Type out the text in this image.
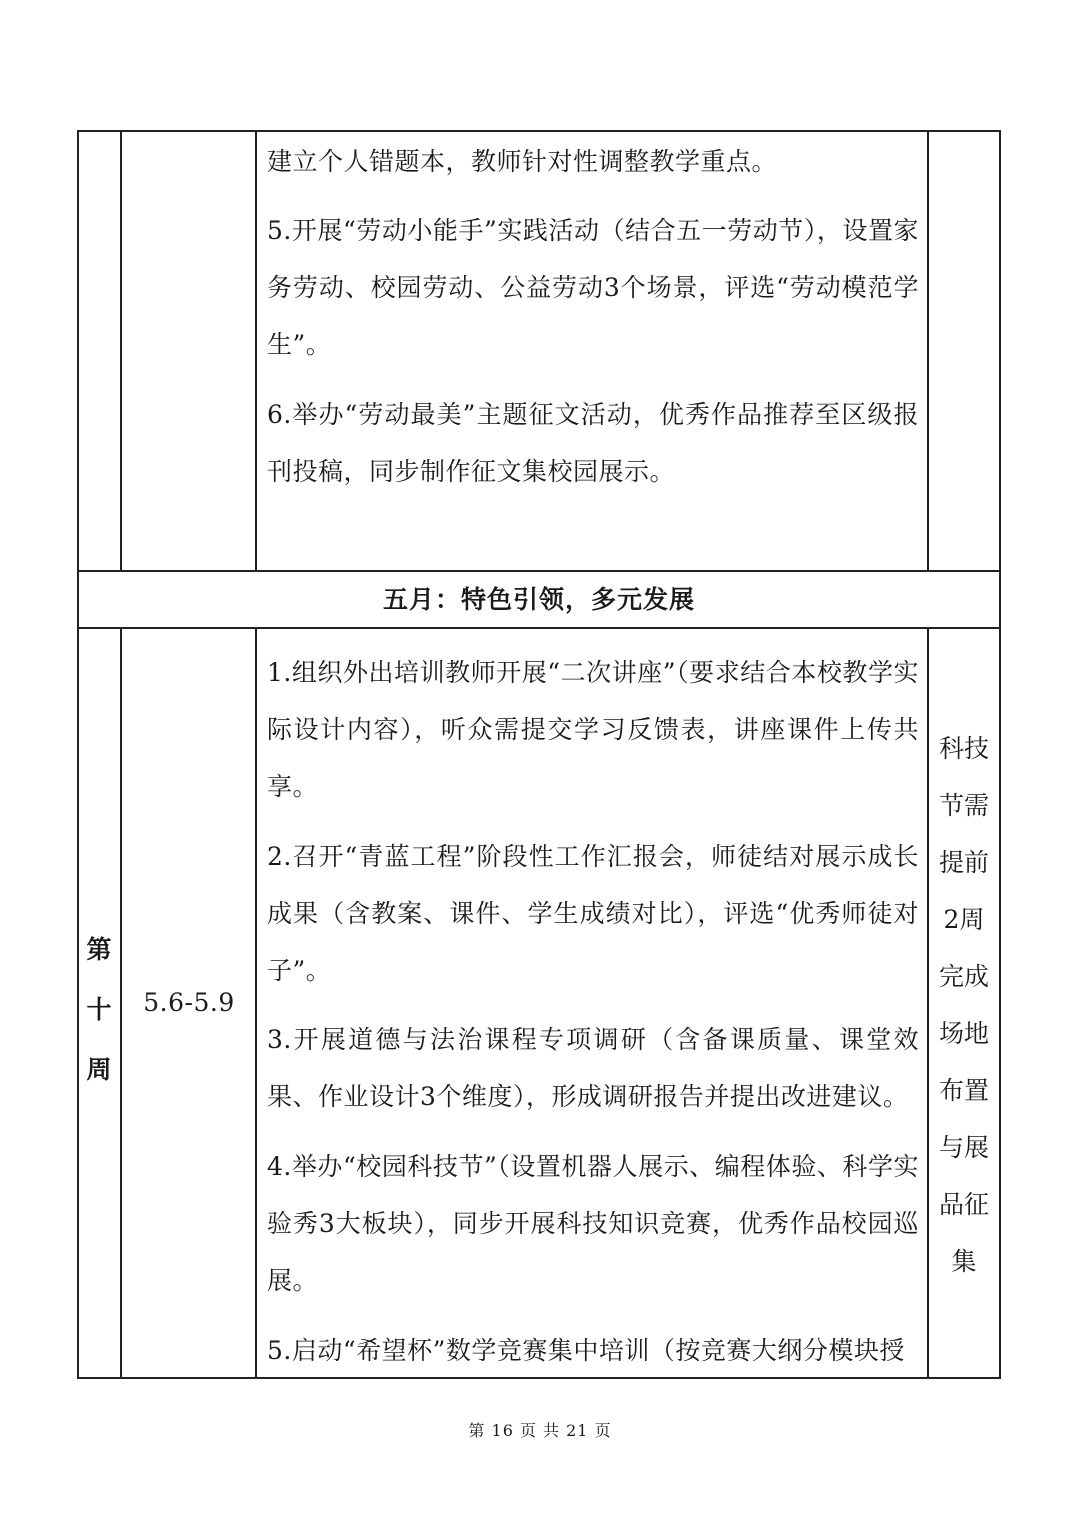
建立个人错题本，教师针对性调整教学重点。

5.开展“劳动小能手”实践活动（结合五一劳动节），设置家务劳动、校园劳动、公益劳动3个场景，评选“劳动模范学生”。

6.举办“劳动最美”主题征文活动，优秀作品推荐至区级报刊投稿，同步制作征文集校园展示。

五月：特色引领，多元发展
第
十
周
5.6-5.9

1.组织外出培训教师开展“二次讲座”（要求结合本校教学实际设计内容），听众需提交学习反馈表，讲座课件上传共享。

2.召开“青蓝工程”阶段性工作汇报会，师徒结对展示成长成果（含教案、课件、学生成绩对比），评选“优秀师徒对子”。

3.开展道德与法治课程专项调研（含备课质量、课堂效果、作业设计3个维度），形成调研报告并提出改进建议。

4.举办“校园科技节”（设置机器人展示、编程体验、科学实验秀3大板块），同步开展科技知识竞赛，优秀作品校园巡展。

5.启动“希望杯”数学竞赛集中培训（按竞赛大纲分模块授

科技
节需
提前
2周
完成
场地
布置
与展
品征
集
第 16 页 共 21 页
